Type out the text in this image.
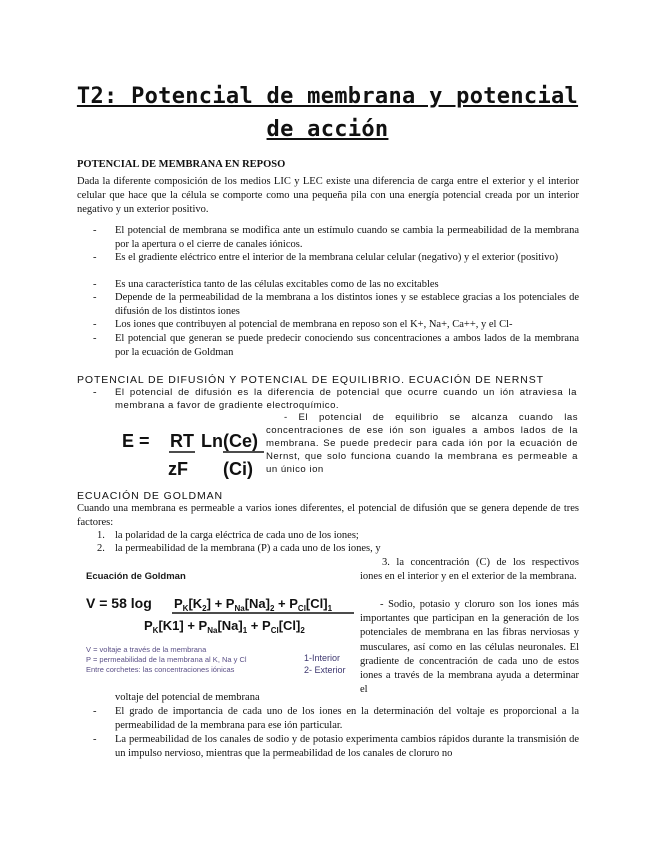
T2: Potencial de membrana y potencial
de acción
POTENCIAL DE MEMBRANA EN REPOSO
Dada la diferente composición de los medios LIC y LEC existe una diferencia de carga entre el exterior y el interior celular que hace que la célula se comporte como una pequeña pila con una energía potencial creada por un interior negativo y un exterior positivo.
-	El potencial de membrana se modifica ante un estímulo cuando se cambia la permeabilidad de la membrana por la apertura o el cierre de canales iónicos.
-	Es el gradiente eléctrico entre el interior de la membrana celular celular (negativo) y el exterior (positivo)
-	Es una característica tanto de las células excitables como de las no excitables
-	Depende de la permeabilidad de la membrana a los distintos iones y se establece gracias a los potenciales de difusión de los distintos iones
-	Los iones que contribuyen al potencial de membrana en reposo son el K+, Na+, Ca++, y el Cl-
-	El potencial que generan se puede predecir conociendo sus concentraciones a ambos lados de la membrana por la ecuación de Goldman
POTENCIAL DE DIFUSIÓN Y POTENCIAL DE EQUILIBRIO. ECUACIÓN DE NERNST
-	El potencial de difusión es la diferencia de potencial que ocurre cuando un ión atraviesa la membrana a favor de gradiente electroquímico.
E = RT Ln (Ce)
zF (Ci)
- El potencial de equilibrio se alcanza cuando las concentraciones de ese ión son iguales a ambos lados de la membrana. Se puede predecir para cada ión por la ecuación de Nernst, que solo funciona cuando la membrana es permeable a un único ion
ECUACIÓN DE GOLDMAN
Cuando una membrana es permeable a varios iones diferentes, el potencial de difusión que se genera depende de tres factores:
1. la polaridad de la carga eléctrica de cada uno de los iones;
2. la permeabilidad de la membrana (P) a cada uno de los iones, y
Ecuación de Goldman
V = 58 $\log P_K[K_2] + P_{Na}[Na]_2 + P_{Cl}[Cl]_1$
$P_K[K1] + P_{Na}[Na]_1 + P_{Cl}[Cl]_2$
V = voltaje a través de la membrana
P = permeabilidad de la membrana al K, Na y Cl
Entre corchetes: las concentraciones iónicas
1-Interior
2- Exterior
3. la concentración (C) de los respectivos iones en el interior y en el exterior de la membrana.
- Sodio, potasio y cloruro son los iones más importantes que participan en la generación de los potenciales de membrana en las fibras nerviosas y musculares, así como en las células neuronales. El gradiente de concentración de cada uno de estos iones a través de la membrana ayuda a determinar el
voltaje del potencial de membrana
-	El grado de importancia de cada uno de los iones en la determinación del voltaje es proporcional a la permeabilidad de la membrana para ese ión particular.
-	La permeabilidad de los canales de sodio y de potasio experimenta cambios rápidos durante la transmisión de un impulso nervioso, mientras que la permeabilidad de los canales de cloruro no
